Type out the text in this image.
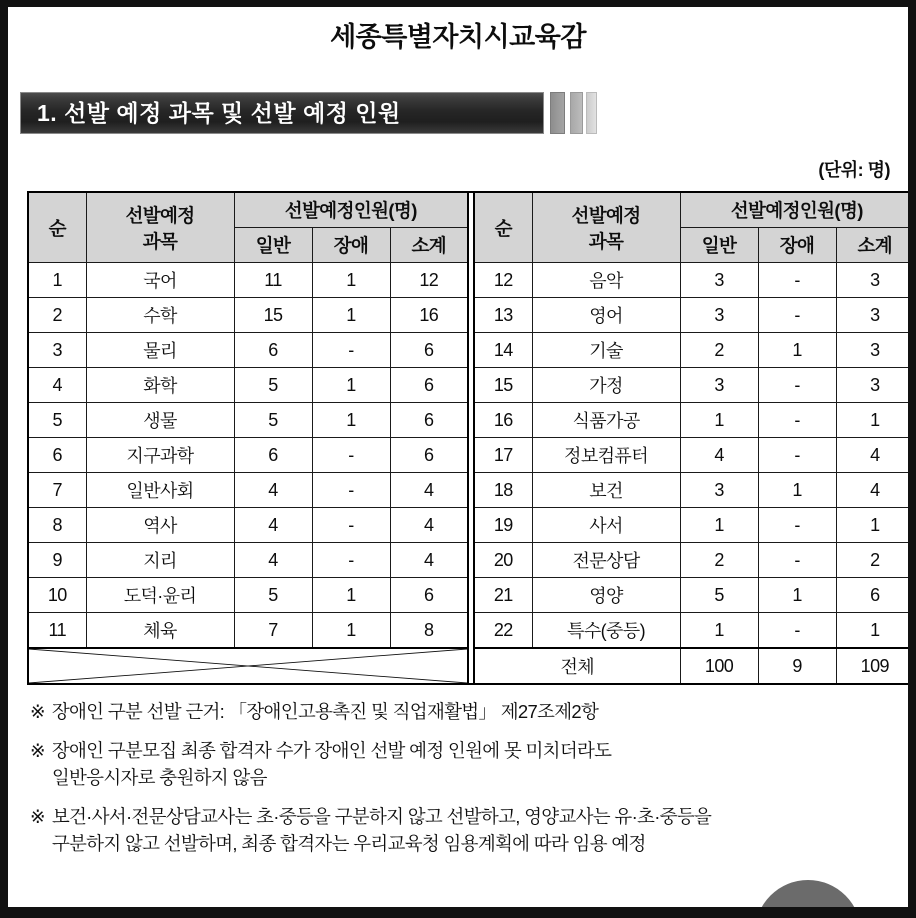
세종특별자치시교육감
1. 선발 예정 과목 및 선발 예정 인원
(단위: 명)
순	
선발예정
과목
	선발예정인원(명)		순	
선발예정
과목
	선발예정인원(명)
		일반	장애	소계				일반	장애	소계
1	국어	11	1	12		12	음악	3	-	3
2	수학	15	1	16		13	영어	3	-	3
3	물리	6	-	6		14	기술	2	1	3
4	화학	5	1	6		15	가정	3	-	3
5	생물	5	1	6		16	식품가공	1	-	1
6	지구과학	6	-	6		17	정보컴퓨터	4	-	4
7	일반사회	4	-	4		18	보건	3	1	4
8	역사	4	-	4		19	사서	1	-	1
9	지리	4	-	4		20	전문상담	2	-	2
10	도덕·윤리	5	1	6		21	영양	5	1	6
11	체육	7	1	8		22	특수(중등)	1	-	1

	전체		100	9	109
※ 장애인 구분 선발 근거: 「장애인고용촉진 및 직업재활법」 제27조제2항
※ 장애인 구분모집 최종 합격자 수가 장애인 선발 예정 인원에 못 미치더라도
일반응시자로 충원하지 않음
※ 보건·사서·전문상담교사는 초·중등을 구분하지 않고 선발하고, 영양교사는 유·초·중등을
구분하지 않고 선발하며, 최종 합격자는 우리교육청 임용계획에 따라 임용 예정
